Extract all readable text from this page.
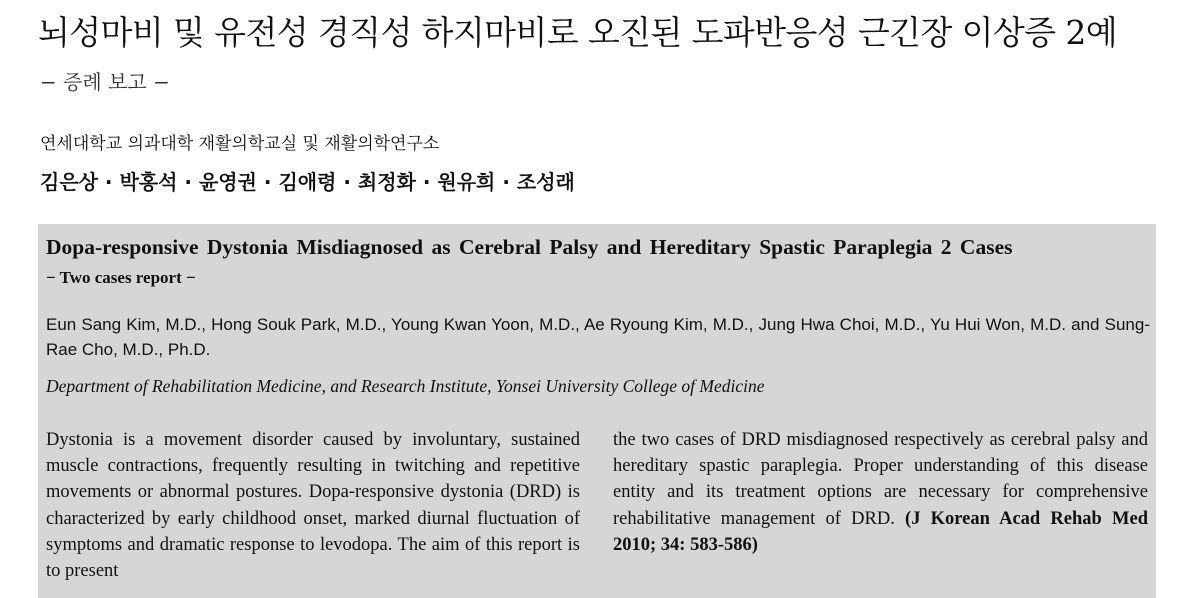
뇌성마비 및 유전성 경직성 하지마비로 오진된 도파반응성 근긴장 이상증 2예
− 증례 보고 −
연세대학교 의과대학 재활의학교실 및 재활의학연구소
김은상 · 박홍석 · 윤영권 · 김애령 · 최정화 · 원유희 · 조성래
Dopa-responsive Dystonia Misdiagnosed as Cerebral Palsy and Hereditary Spastic Paraplegia 2 Cases
− Two cases report −
Eun Sang Kim, M.D., Hong Souk Park, M.D., Young Kwan Yoon, M.D., Ae Ryoung Kim, M.D., Jung Hwa Choi, M.D., Yu Hui Won, M.D. and Sung-Rae Cho, M.D., Ph.D.
Department of Rehabilitation Medicine, and Research Institute, Yonsei University College of Medicine
Dystonia is a movement disorder caused by involuntary, sustained muscle contractions, frequently resulting in twitching and repetitive movements or abnormal postures. Dopa-responsive dystonia (DRD) is characterized by early childhood onset, marked diurnal fluctuation of symptoms and dramatic response to levodopa. The aim of this report is to present
the two cases of DRD misdiagnosed respectively as cerebral palsy and hereditary spastic paraplegia. Proper understanding of this disease entity and its treatment options are necessary for comprehensive rehabilitative management of DRD. (J Korean Acad Rehab Med 2010; 34: 583-586)
